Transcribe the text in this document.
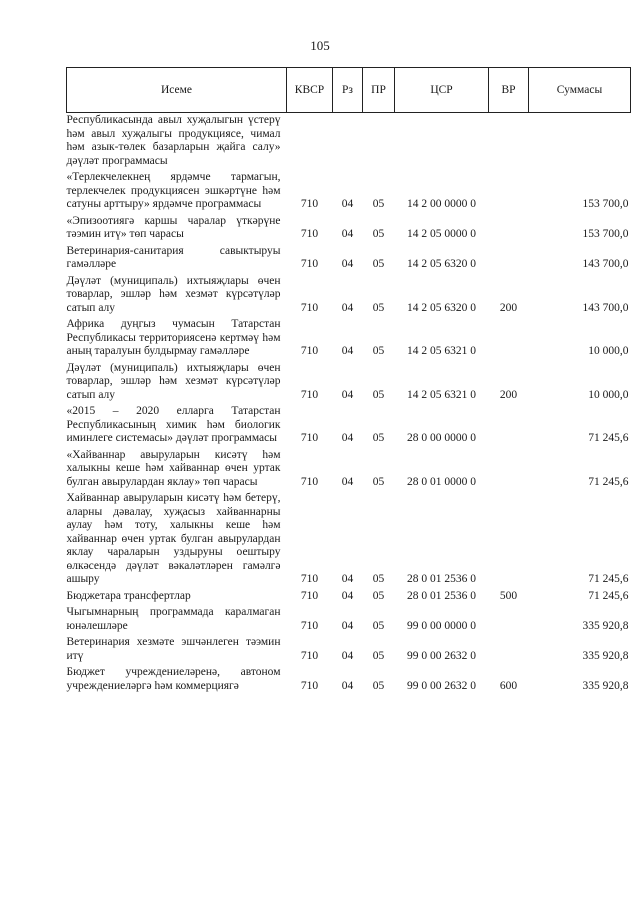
105
Исеме	КВСР	Рз	ПР	ЦСР	ВР	Суммасы
Республикасында авыл хуҗалыгын үстерү һәм авыл хуҗалыгы продукциясе, чимал һәм азык-төлек базарларын җайга салу» дәүләт программасы						
«Терлекчелекнең ярдәмче тармагын, терлекчелек продукциясен эшкәртүне һәм сатуны арттыру» ярдәмче программасы	710	04	05	14 2 00 0000 0		153 700,0
«Эпизоотиягә каршы чаралар үткәрүне тәэмин итү» төп чарасы	710	04	05	14 2 05 0000 0		153 700,0
Ветеринария-санитария савыктыруы гамәлләре	710	04	05	14 2 05 6320 0		143 700,0
Дәүләт (муниципаль) ихтыяҗлары өчен товарлар, эшләр һәм хезмәт күрсәтүләр сатып алу	710	04	05	14 2 05 6320 0	200	143 700,0
Африка дуңгыз чумасын Татарстан Республикасы территориясенә кертмәү һәм аның таралуын булдырмау гамәлләре	710	04	05	14 2 05 6321 0		10 000,0
Дәүләт (муниципаль) ихтыяҗлары өчен товарлар, эшләр һәм хезмәт күрсәтүләр сатып алу	710	04	05	14 2 05 6321 0	200	10 000,0
«2015 – 2020 елларга Татарстан Республикасының химик һәм биологик иминлеге системасы» дәүләт программасы	710	04	05	28 0 00 0000 0		71 245,6
«Хайваннар авыруларын кисәтү һәм халыкны кеше һәм хайваннар өчен уртак булган авырулардан яклау» төп чарасы	710	04	05	28 0 01 0000 0		71 245,6
Хайваннар авыруларын кисәтү һәм бетерү, аларны дәвалау, хуҗасыз хайваннарны аулау һәм тоту, халыкны кеше һәм хайваннар өчен уртак булган авырулардан яклау чараларын уздыруны оештыру өлкәсендә дәүләт вәкаләтләрен гамәлгә ашыру	710	04	05	28 0 01 2536 0		71 245,6
Бюджетара трансфертлар	710	04	05	28 0 01 2536 0	500	71 245,6
Чыгымнарның программада каралмаган юнәлешләре	710	04	05	99 0 00 0000 0		335 920,8
Ветеринария хезмәте эшчәнлеген тәэмин итү	710	04	05	99 0 00 2632 0		335 920,8
Бюджет учреждениеләренә, автоном учреждениеләргә һәм коммерциягә	710	04	05	99 0 00 2632 0	600	335 920,8
